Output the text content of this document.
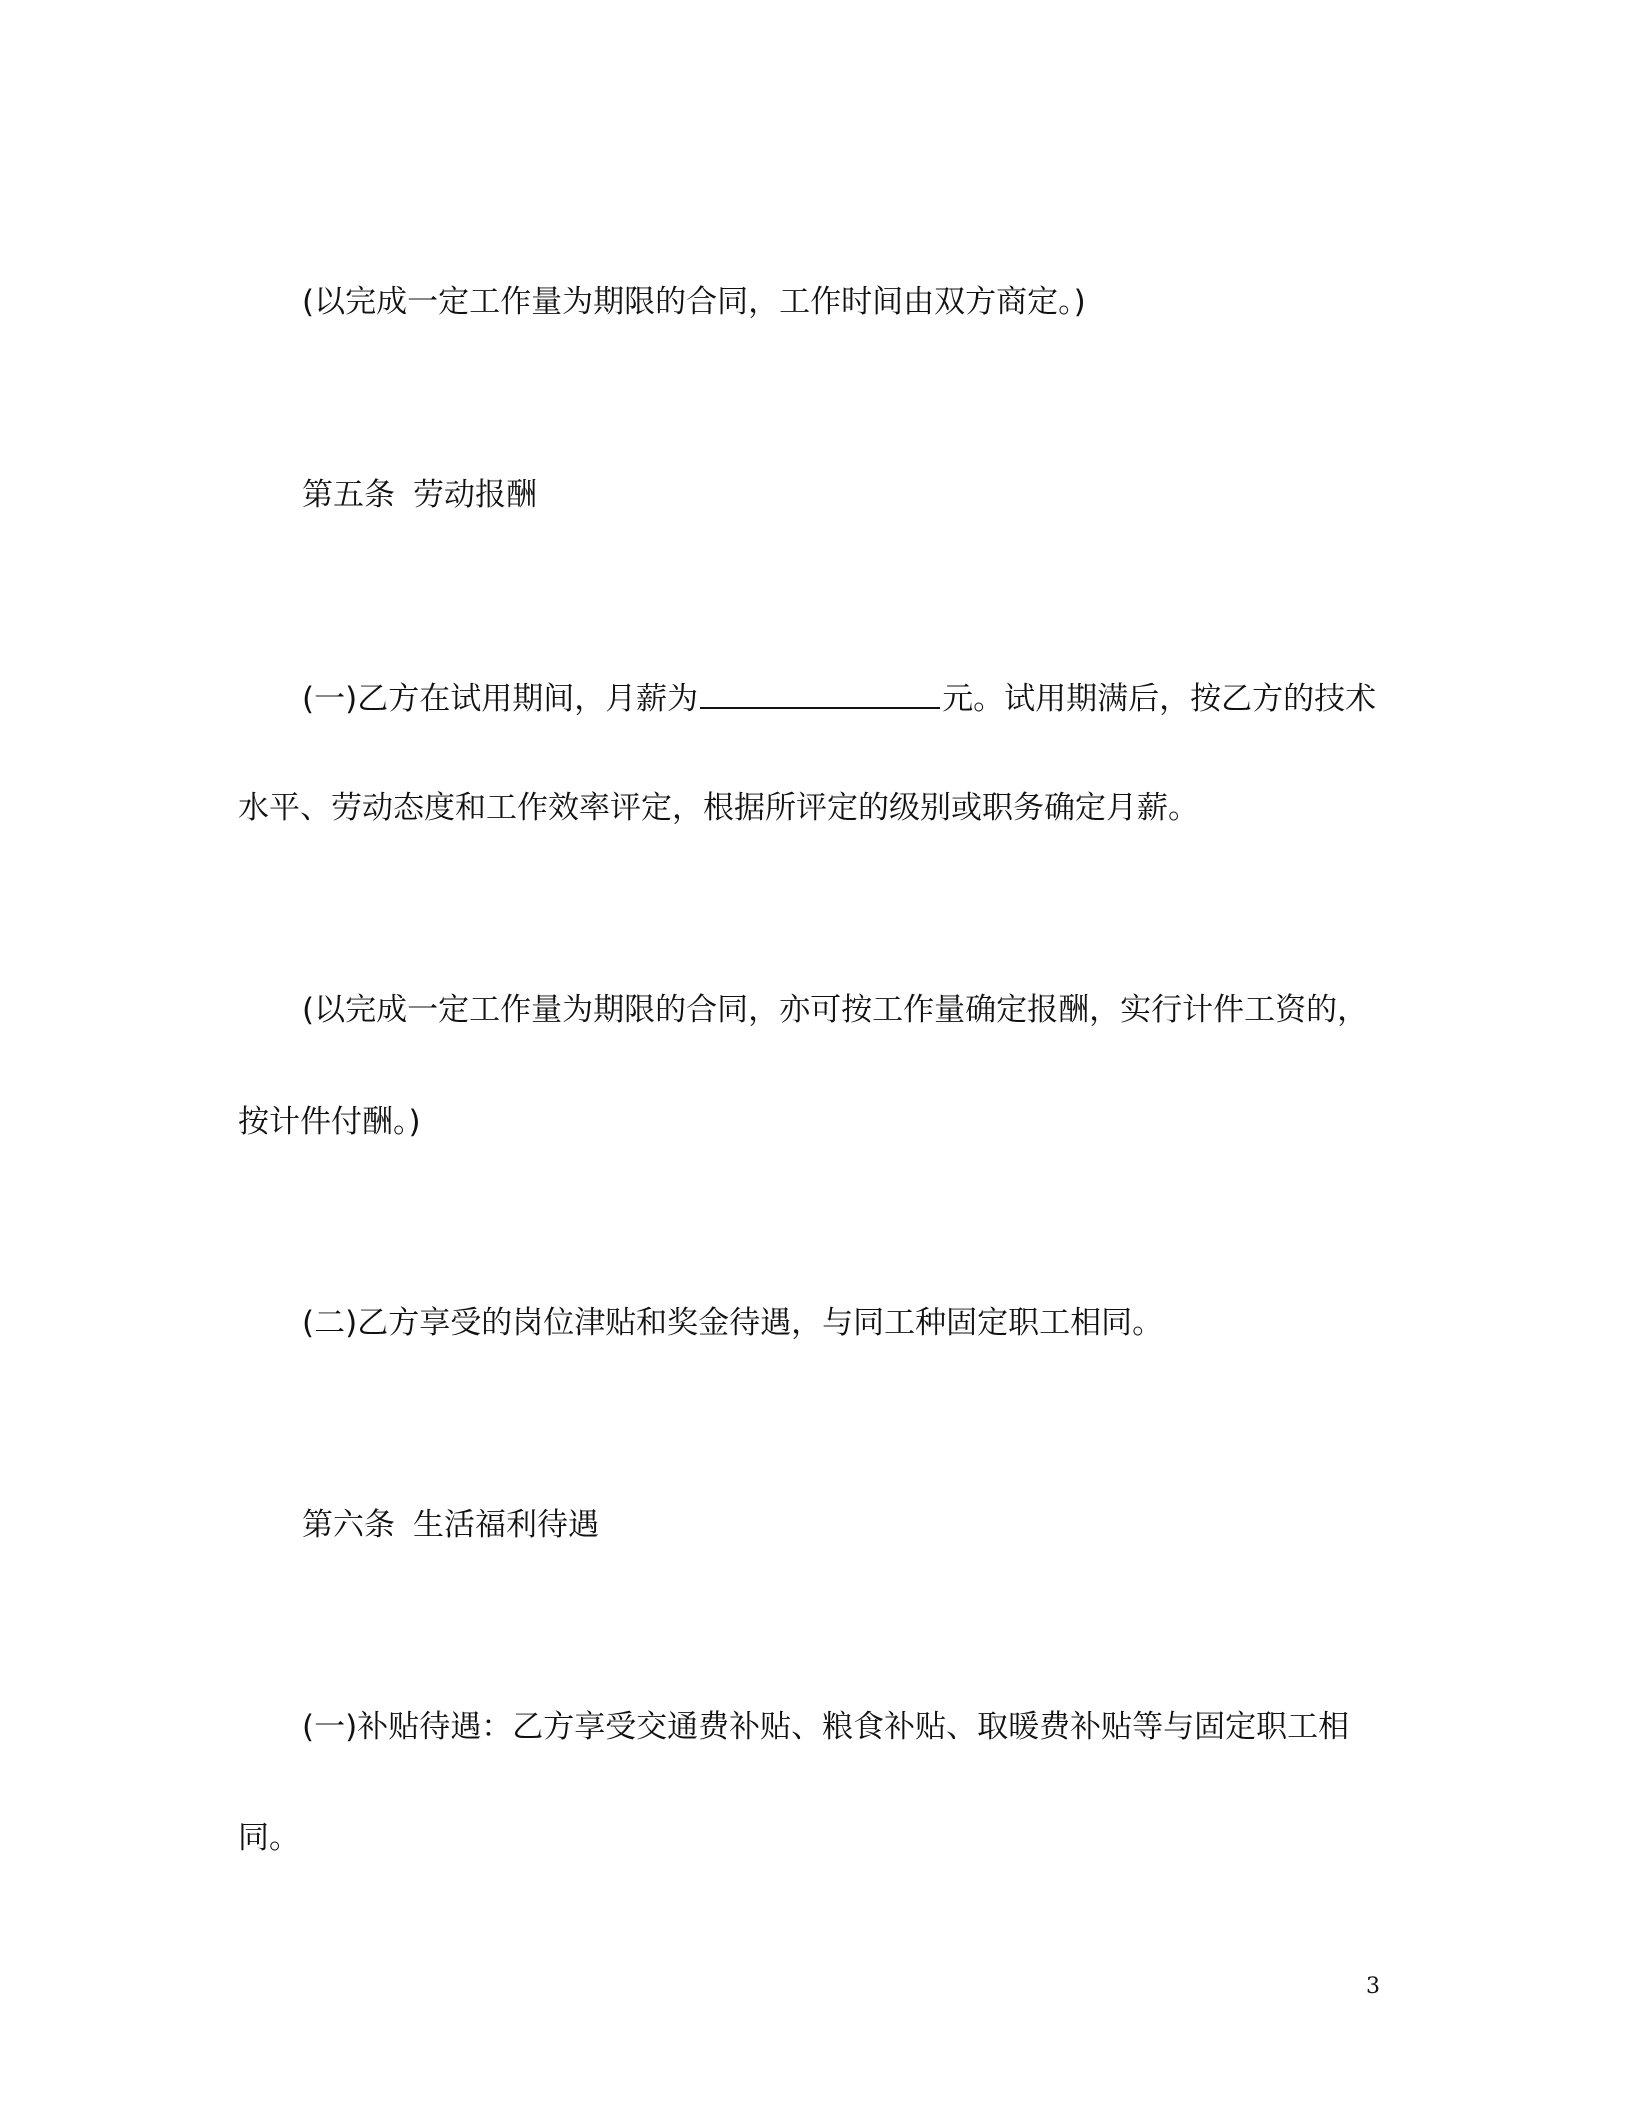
(以完成一定工作量为期限的合同，工作时间由双方商定。)
第五条 劳动报酬
(一)乙方在试用期间，月薪为	元。试用期满后，按乙方的技术
水平、劳动态度和工作效率评定，根据所评定的级别或职务确定月薪。
(以完成一定工作量为期限的合同，亦可按工作量确定报酬，实行计件工资的，
按计件付酬。)
(二)乙方享受的岗位津贴和奖金待遇，与同工种固定职工相同。
第六条 生活福利待遇
(一)补贴待遇：乙方享受交通费补贴、粮食补贴、取暖费补贴等与固定职工相
同。
3
